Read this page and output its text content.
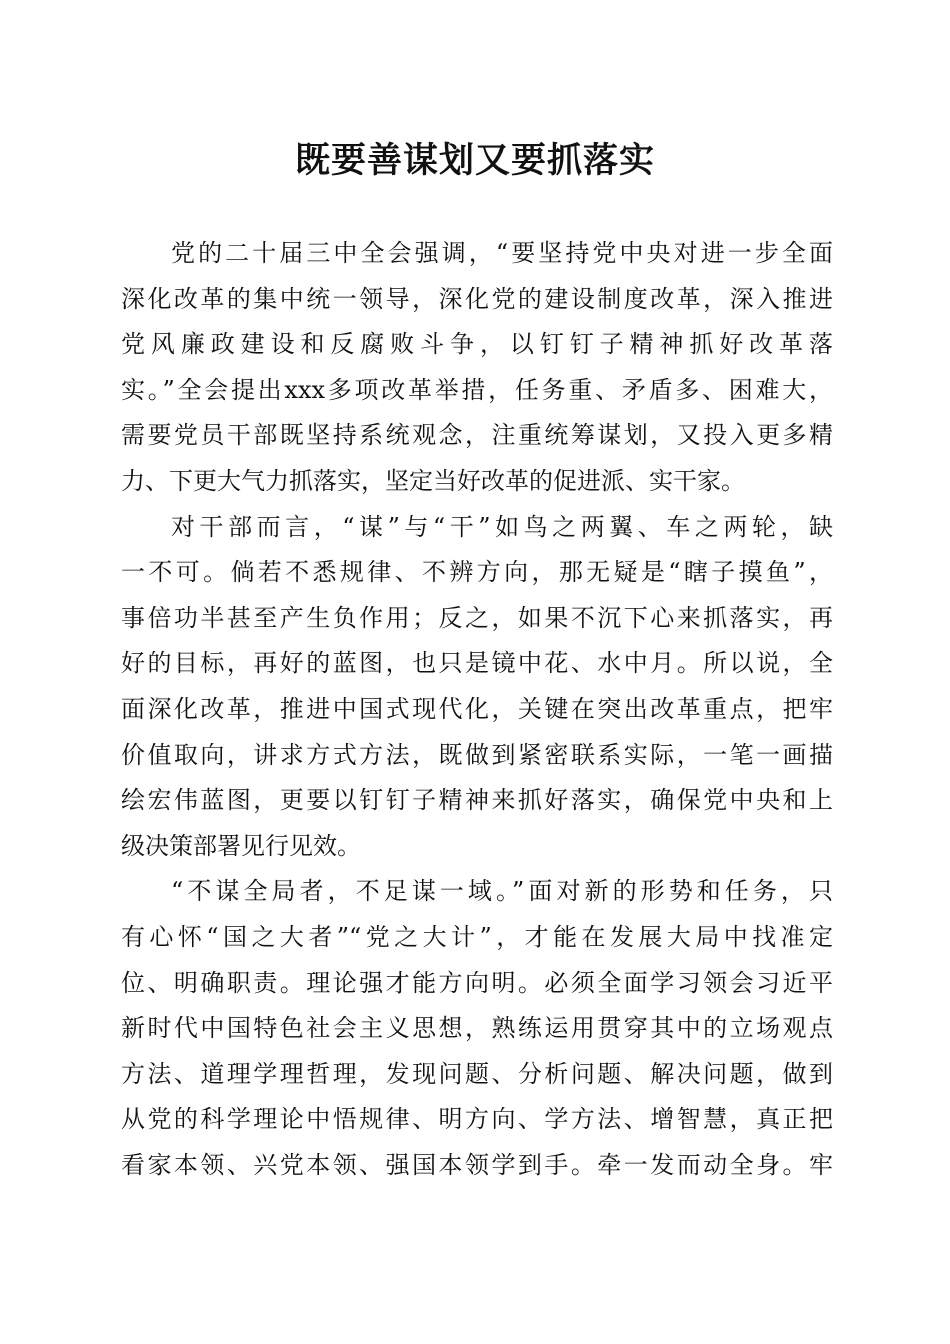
既要善谋划又要抓落实
党的二十届三中全会强调，“要坚持党中央对进一步全面
深化改革的集中统一领导，深化党的建设制度改革，深入推进
党风廉政建设和反腐败斗争，以钉钉子精神抓好改革落
实。”全会提出xxx多项改革举措，任务重、矛盾多、困难大，
需要党员干部既坚持系统观念，注重统筹谋划，又投入更多精
力、下更大气力抓落实，坚定当好改革的促进派、实干家。
对干部而言，“谋”与“干”如鸟之两翼、车之两轮，缺
一不可。倘若不悉规律、不辨方向，那无疑是“瞎子摸鱼”，
事倍功半甚至产生负作用；反之，如果不沉下心来抓落实，再
好的目标，再好的蓝图，也只是镜中花、水中月。所以说，全
面深化改革，推进中国式现代化，关键在突出改革重点，把牢
价值取向，讲求方式方法，既做到紧密联系实际，一笔一画描
绘宏伟蓝图，更要以钉钉子精神来抓好落实，确保党中央和上
级决策部署见行见效。
“不谋全局者，不足谋一域。”面对新的形势和任务，只
有心怀“国之大者”“党之大计”，才能在发展大局中找准定
位、明确职责。理论强才能方向明。必须全面学习领会习近平
新时代中国特色社会主义思想，熟练运用贯穿其中的立场观点
方法、道理学理哲理，发现问题、分析问题、解决问题，做到
从党的科学理论中悟规律、明方向、学方法、增智慧，真正把
看家本领、兴党本领、强国本领学到手。牵一发而动全身。牢
